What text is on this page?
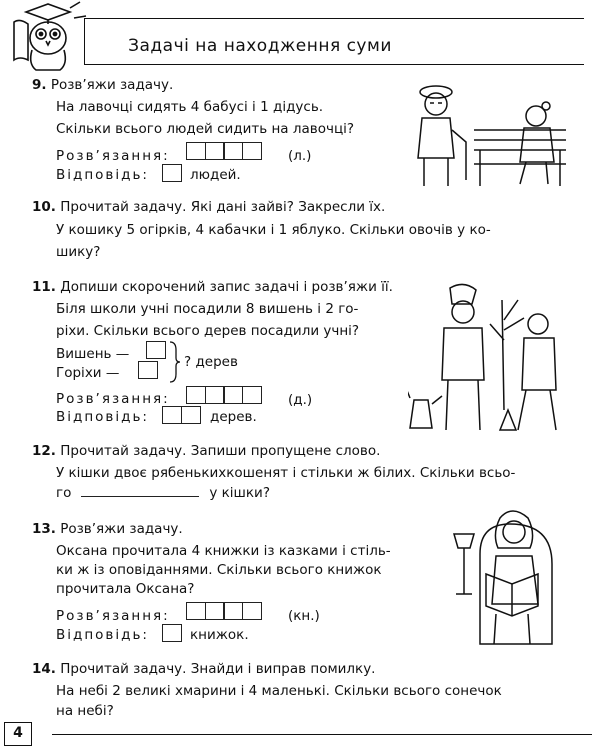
Задачі на находження суми
9. Розв’яжи задачу.
На лавочці сидять 4 бабусі і 1 дідусь.
Скільки всього людей сидить на лавочці?
Розв’язання:	(л.)
Відповідь:	людей.
10. Прочитай задачу. Які дані зайві? Закресли їх.
У кошику 5 огірків, 4 кабачки і 1 яблуко. Скільки овочів у ко-
шику?
11. Допиши скорочений запис задачі і розв’яжи її.
Біля школи учні посадили 8 вишень і 2 го-
ріхи. Скільки всього дерев посадили учні?
Вишень —
Горіхи —
? дерев
Розв’язання:	(д.)
Відповідь:	дерев.
12. Прочитай задачу. Запиши пропущене слово.
У кішки двоє рябенькихкошенят і стільки ж білих. Скільки всьо-
го	у кішки?
13. Розв’яжи задачу.
Оксана прочитала 4 книжки із казками і стіль-
ки ж із оповіданнями. Скільки всього книжок
прочитала Оксана?
Розв’язання:	(кн.)
Відповідь:	книжок.
14. Прочитай задачу. Знайди і виправ помилку.
На небі 2 великі хмарини і 4 маленькі. Скільки всього сонечок
на небі?
4
